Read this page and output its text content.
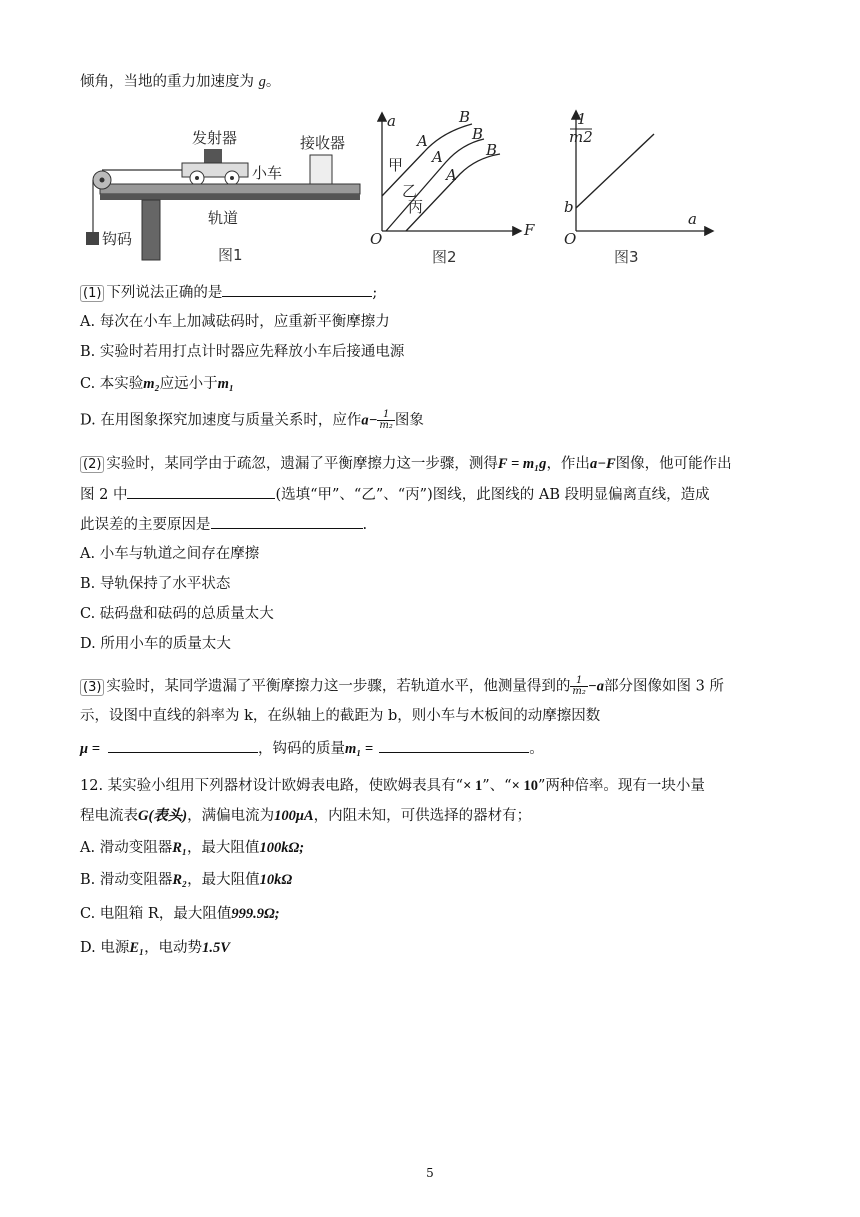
倾角，当地的重力加速度为 g。
接收器
发射器
小车
轨道
钩码
图1
a
F
O
甲
乙
丙
A
A
A
B
B
B
图2
1
m2
a
O
b
图3
(1) 下列说法正确的是	;
A. 每次在小车上加减砝码时，应重新平衡摩擦力
B. 实验时若用打点计时器应先释放小车后接通电源
C. 本实验m₂应远小于m₁
D. 在用图象探究加速度与质量关系时，应作$a- \frac{1}{\text{m₂}}$ 图象
(2) 实验时，某同学由于疏忽，遗漏了平衡摩擦力这一步骤，测得F = m₁g，作出a−F图像，他可能作出
图 2 中	(选填“甲”、“乙”、“丙”)图线，此图线的 AB 段明显偏离直线，造成
此误差的主要原因是	.
A. 小车与轨道之间存在摩擦
B. 导轨保持了水平状态
C. 砝码盘和砝码的总质量太大
D. 所用小车的质量太大
(3) 实验时，某同学遗漏了平衡摩擦力这一步骤，若轨道水平，他测量得到的 $\frac{1}{\text{m₂}} -a$部分图像如图 3 所
示，设图中直线的斜率为 k，在纵轴上的截距为 b，则小车与木板间的动摩擦因数
μ =	，钩码的质量m₁ =	。
12. 某实验小组用下列器材设计欧姆表电路，使欧姆表具有“× 1”、“× 10”两种倍率。现有一块小量
程电流表G(表头)，满偏电流为100μA，内阻未知，可供选择的器材有；
A. 滑动变阻器R₁，最大阻值100kΩ;
B. 滑动变阻器R₂，最大阻值10kΩ
C. 电阻箱 R，最大阻值999.9Ω;
D. 电源E₁，电动势1.5V
5
